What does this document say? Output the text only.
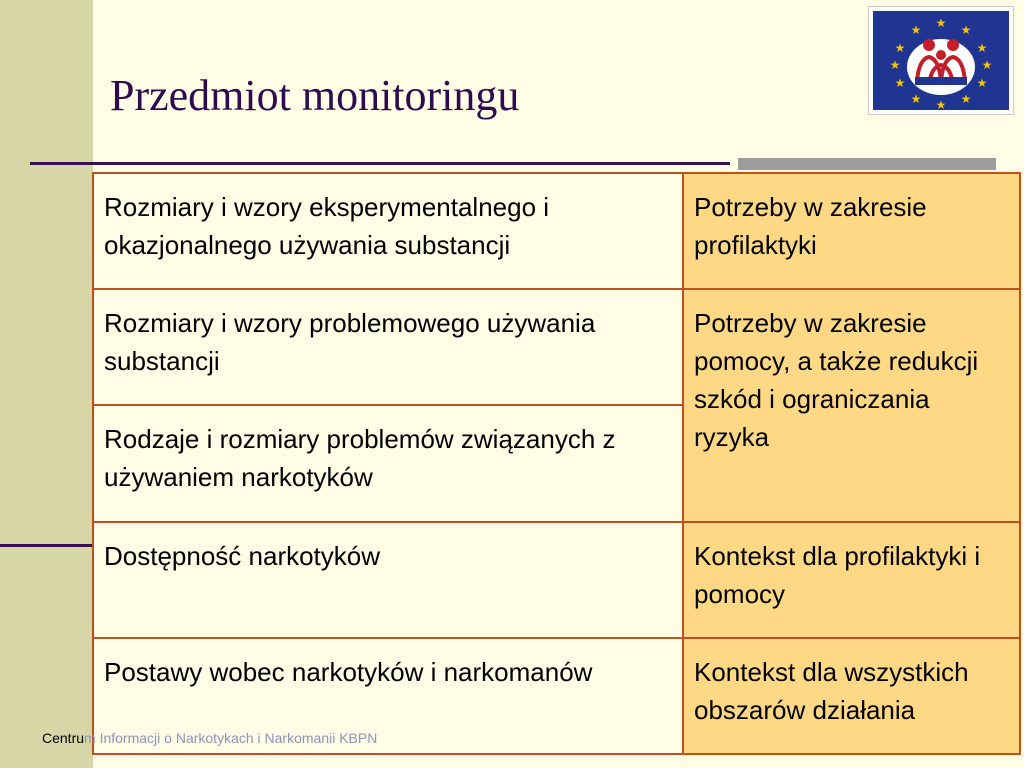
Przedmiot monitoringu
★ ★
★
★
★
★
★
★
★
★
★
★
Rozmiary i wzory eksperymentalnego i okazjonalnego używania substancji	Potrzeby w zakresie profilaktyki
Rozmiary i wzory problemowego używania substancji	Potrzeby w zakresie pomocy, a także redukcji szkód i ograniczania ryzyka
Rodzaje i rozmiary problemów związanych z używaniem narkotyków	
Dostępność narkotyków	Kontekst dla profilaktyki i pomocy
Postawy wobec narkotyków i narkomanów	Kontekst dla wszystkich obszarów działania
Centrum Informacji o Narkotykach i Narkomanii KBPN
